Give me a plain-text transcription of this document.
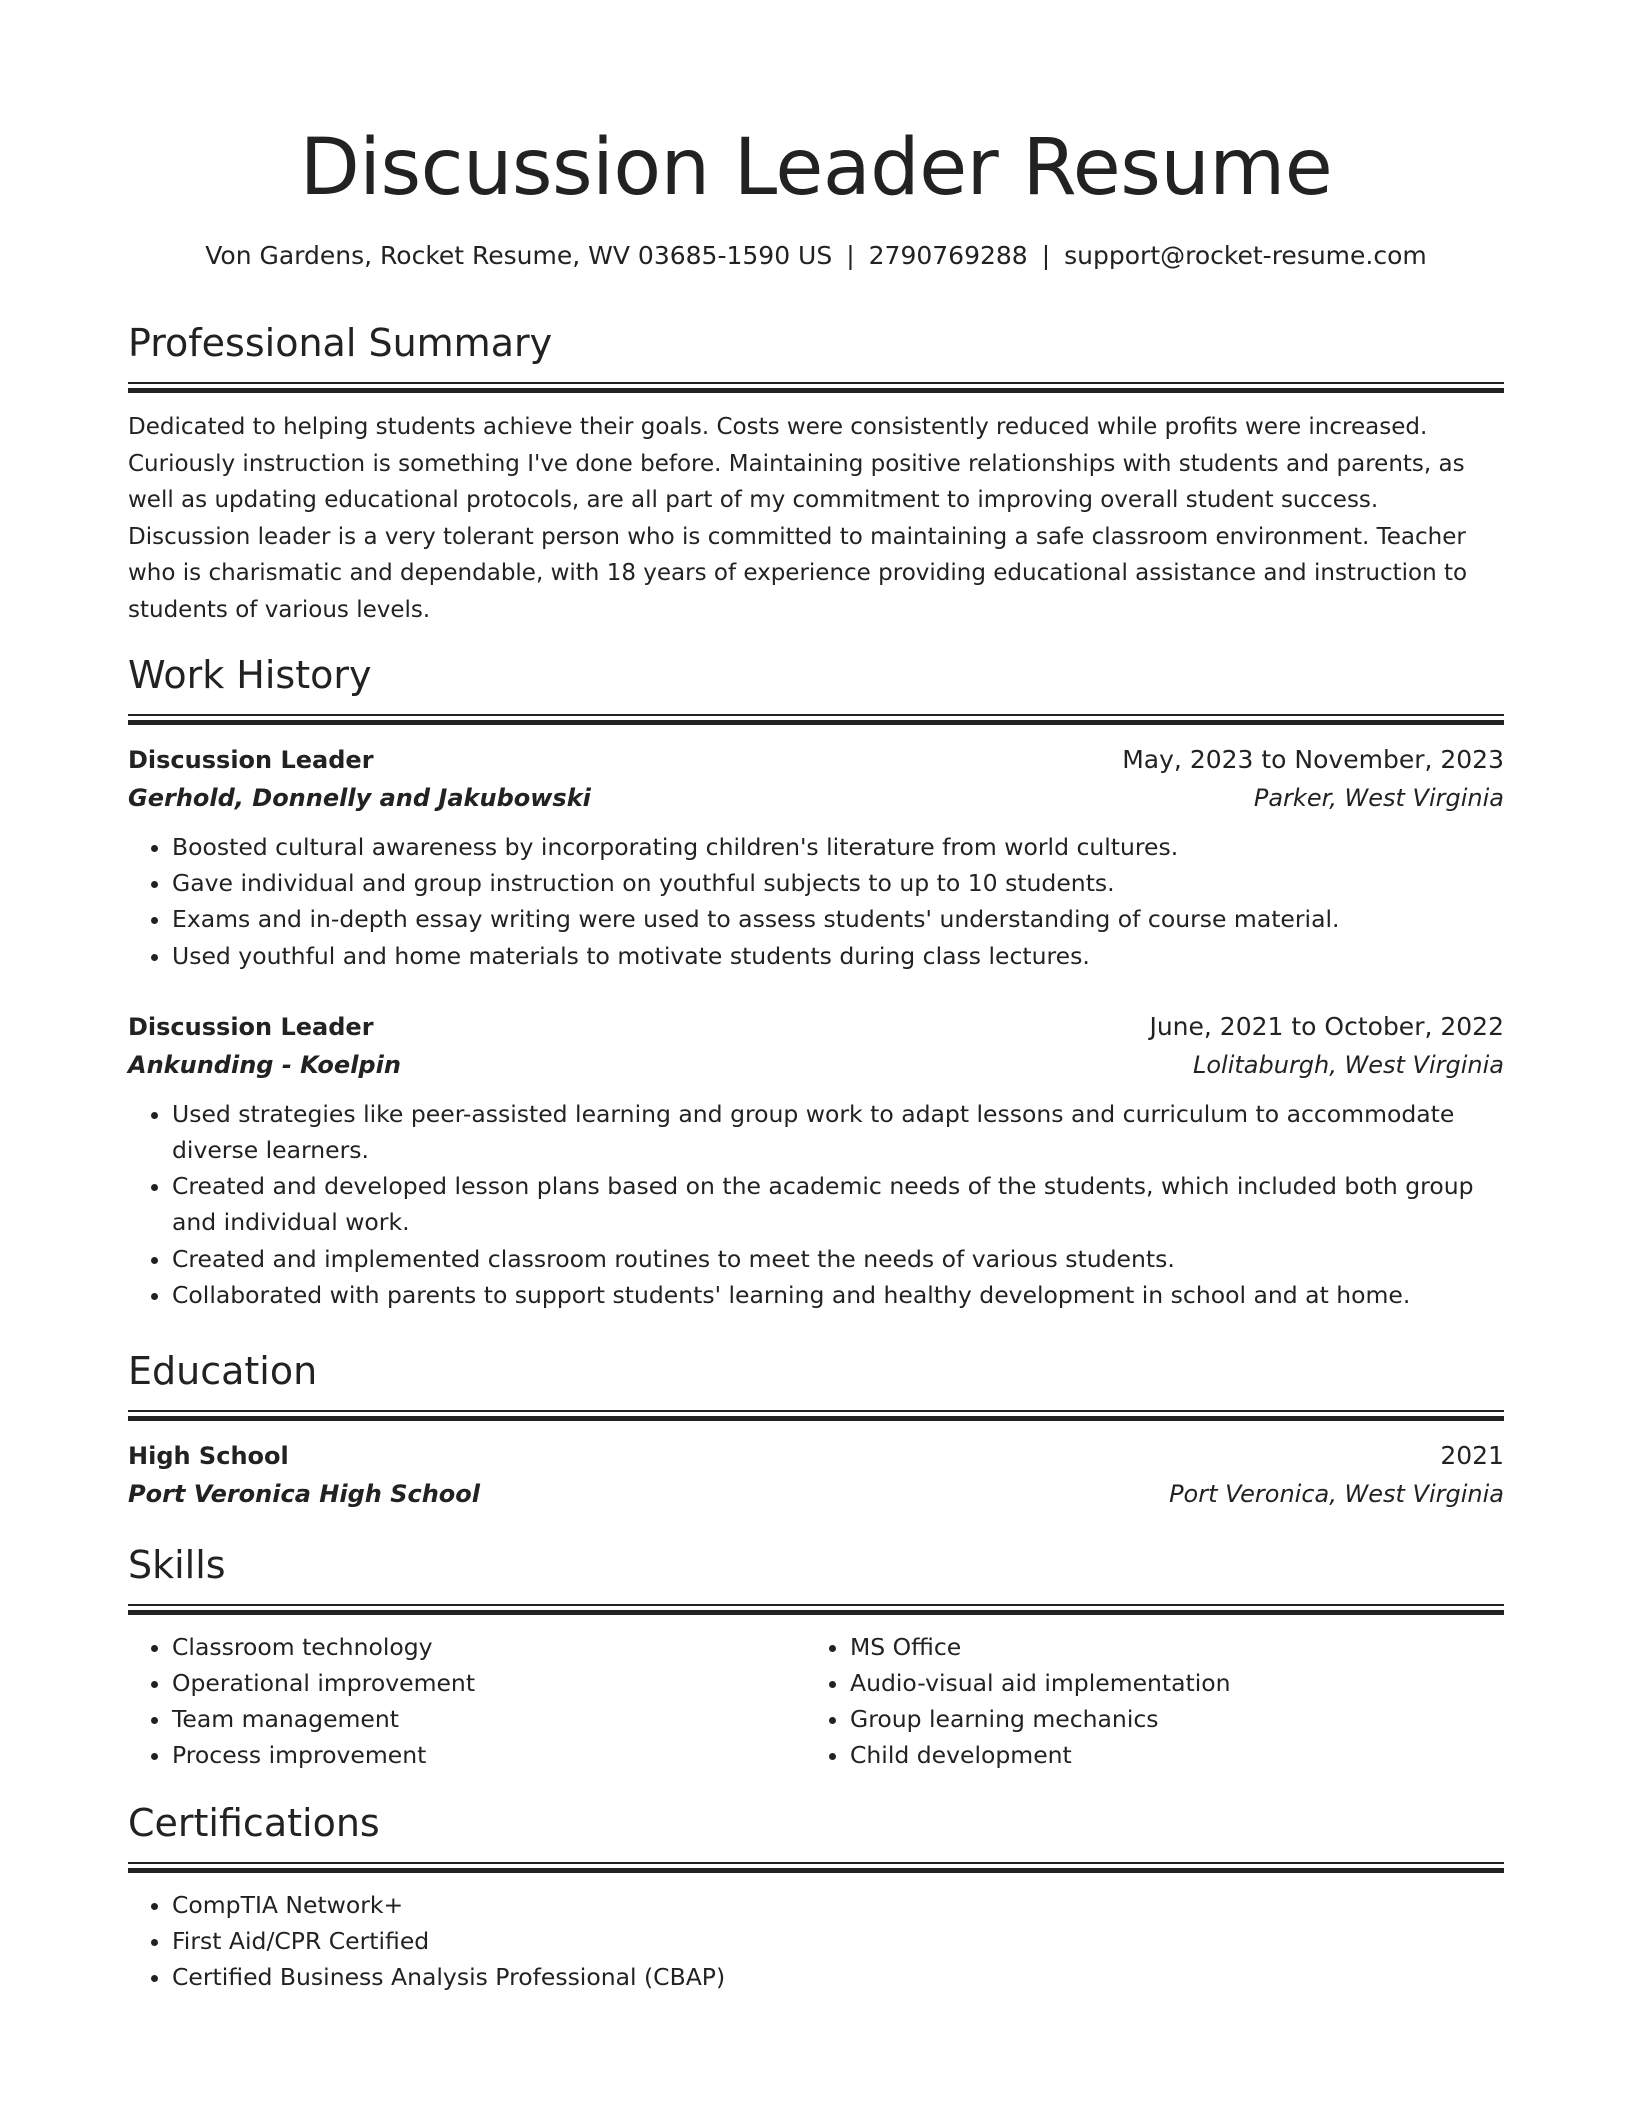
Discussion Leader Resume
Von Gardens, Rocket Resume, WV 03685-1590 US | 2790769288 | support@rocket-resume.com
Professional Summary

Dedicated to helping students achieve their goals. Costs were consistently reduced while profits were increased. Curiously instruction is something I've done before. Maintaining positive relationships with students and parents, as well as updating educational protocols, are all part of my commitment to improving overall student success. Discussion leader is a very tolerant person who is committed to maintaining a safe classroom environment. Teacher who is charismatic and dependable, with 18 years of experience providing educational assistance and instruction to students of various levels.

Work History
Discussion Leader	May, 2023 to November, 2023
Gerhold, Donnelly and Jakubowski	Parker, West Virginia
• Boosted cultural awareness by incorporating children's literature from world cultures.
• Gave individual and group instruction on youthful subjects to up to 10 students.
• Exams and in-depth essay writing were used to assess students' understanding of course material.
• Used youthful and home materials to motivate students during class lectures.
Discussion Leader	June, 2021 to October, 2022
Ankunding - Koelpin	Lolitaburgh, West Virginia
• Used strategies like peer-assisted learning and group work to adapt lessons and curriculum to accommodate diverse learners.
• Created and developed lesson plans based on the academic needs of the students, which included both group and individual work.
• Created and implemented classroom routines to meet the needs of various students.
• Collaborated with parents to support students' learning and healthy development in school and at home.
Education
High School	2021
Port Veronica High School	Port Veronica, West Virginia
Skills
• Classroom technology
• Operational improvement
• Team management
• Process improvement
• MS Office
• Audio-visual aid implementation
• Group learning mechanics
• Child development
Certifications
• CompTIA Network+
• First Aid/CPR Certified
• Certified Business Analysis Professional (CBAP)
